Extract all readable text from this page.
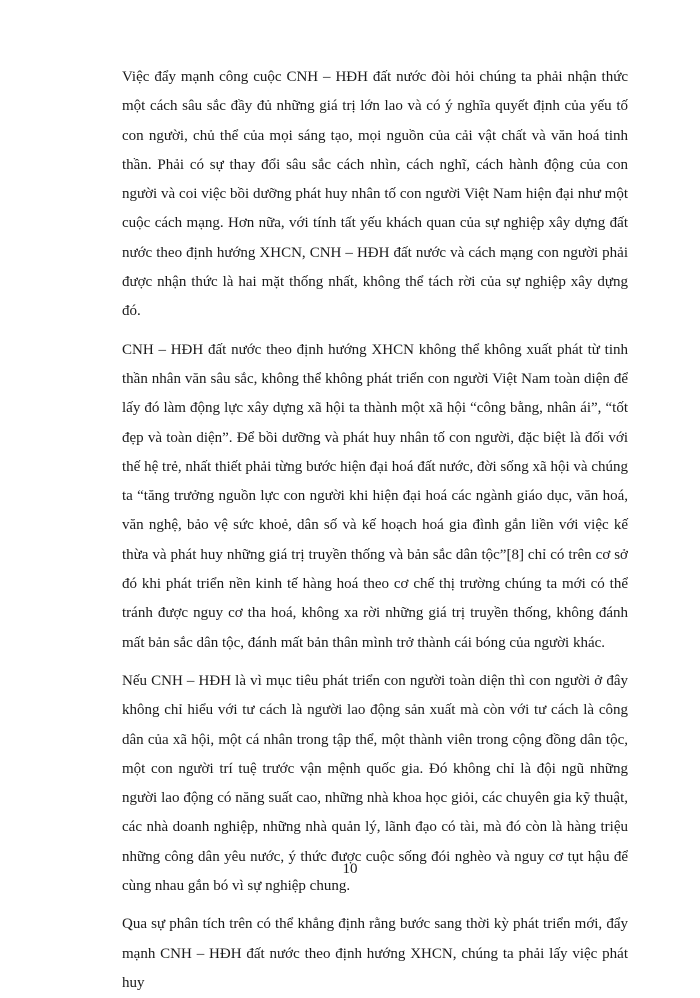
Việc đẩy mạnh công cuộc CNH – HĐH đất nước đòi hỏi chúng ta phải nhận thức một cách sâu sắc đầy đủ những giá trị lớn lao và có ý nghĩa quyết định của yếu tố con người, chủ thể của mọi sáng tạo, mọi nguồn của cải vật chất và văn hoá tinh thần. Phải có sự thay đổi sâu sắc cách nhìn, cách nghĩ, cách hành động của con người và coi việc bồi dưỡng phát huy nhân tố con người Việt Nam hiện đại như một cuộc cách mạng. Hơn nữa, với tính tất yếu khách quan của sự nghiệp xây dựng đất nước theo định hướng XHCN, CNH – HĐH đất nước và cách mạng con người phải được nhận thức là hai mặt thống nhất, không thể tách rời của sự nghiệp xây dựng đó.

CNH – HĐH đất nước theo định hướng XHCN không thể không xuất phát từ tinh thần nhân văn sâu sắc, không thể không phát triển con người Việt Nam toàn diện để lấy đó làm động lực xây dựng xã hội ta thành một xã hội “công bằng, nhân ái”, “tốt đẹp và toàn diện”. Để bồi dưỡng và phát huy nhân tố con người, đặc biệt là đối với thế hệ trẻ, nhất thiết phải từng bước hiện đại hoá đất nước, đời sống xã hội và chúng ta “tăng trưởng nguồn lực con người khi hiện đại hoá các ngành giáo dục, văn hoá, văn nghệ, bảo vệ sức khoẻ, dân số và kế hoạch hoá gia đình gắn liền với việc kế thừa và phát huy những giá trị truyền thống và bản sắc dân tộc”[8] chỉ có trên cơ sở đó khi phát triển nền kinh tế hàng hoá theo cơ chế thị trường chúng ta mới có thể tránh được nguy cơ tha hoá, không xa rời những giá trị truyền thống, không đánh mất bản sắc dân tộc, đánh mất bản thân mình trở thành cái bóng của người khác.

Nếu CNH – HĐH là vì mục tiêu phát triển con người toàn diện thì con người ở đây không chỉ hiểu với tư cách là người lao động sản xuất mà còn với tư cách là công dân của xã hội, một cá nhân trong tập thể, một thành viên trong cộng đồng dân tộc, một con người trí tuệ trước vận mệnh quốc gia. Đó không chỉ là đội ngũ những người lao động có năng suất cao, những nhà khoa học giỏi, các chuyên gia kỹ thuật, các nhà doanh nghiệp, những nhà quản lý, lãnh đạo có tài, mà đó còn là hàng triệu những công dân yêu nước, ý thức được cuộc sống đói nghèo và nguy cơ tụt hậu để cùng nhau gắn bó vì sự nghiệp chung.

Qua sự phân tích trên có thể khẳng định rằng bước sang thời kỳ phát triển mới, đẩy mạnh CNH – HĐH đất nước theo định hướng XHCN, chúng ta phải lấy việc phát huy

10
